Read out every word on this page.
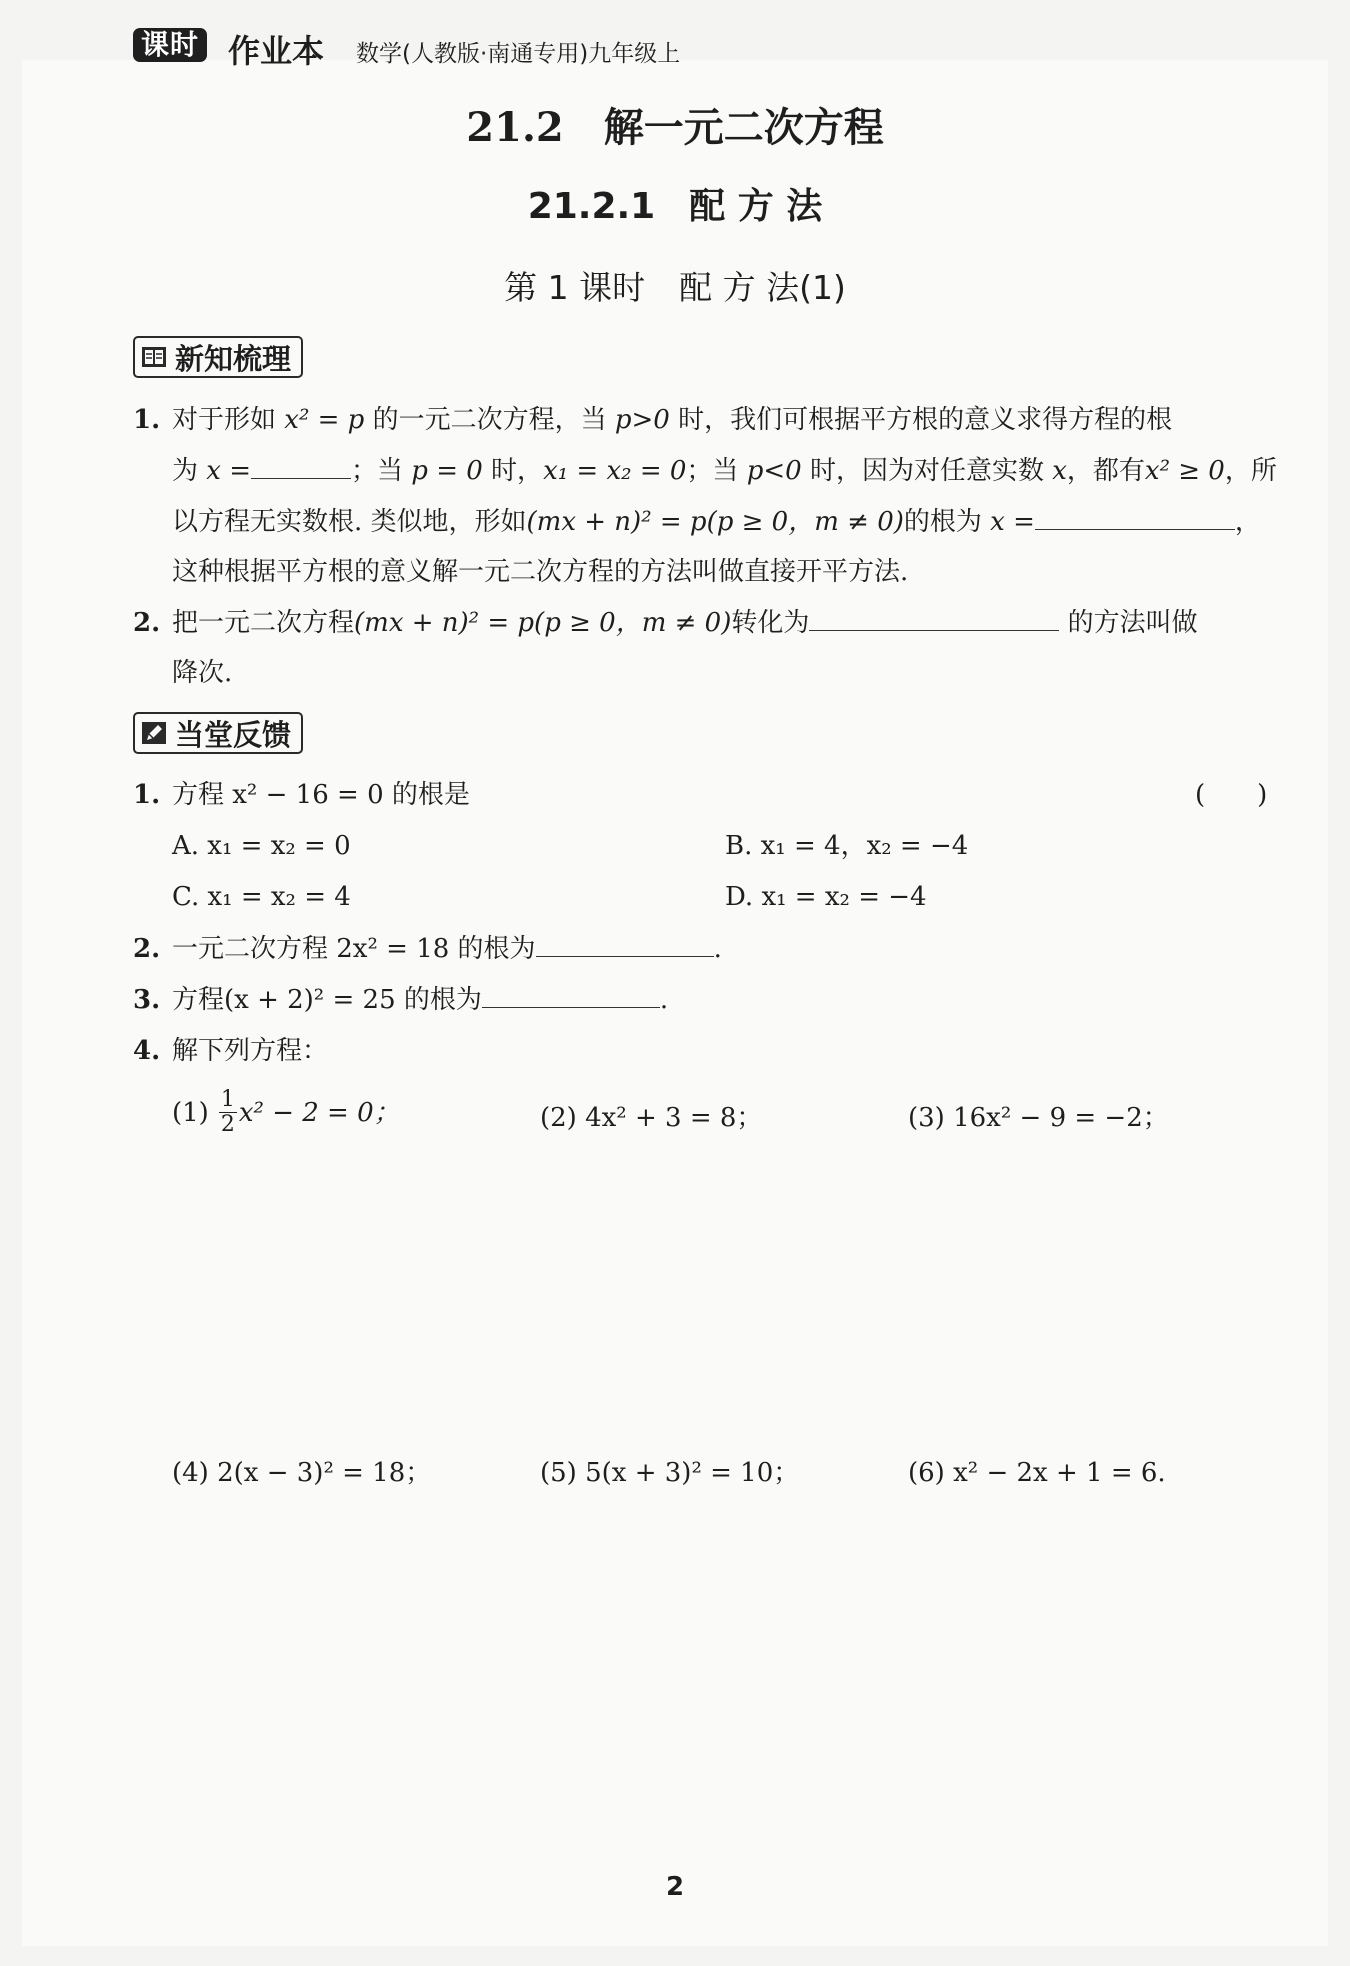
课时 作业本 数学(人教版·南通专用)九年级上
21.2　解一元二次方程
21.2.1 配 方 法
第 1 课时 配 方 法(1)
新知梳理
1. 对于形如 x² = p 的一元二次方程，当 p>0 时，我们可根据平方根的意义求得方程的根
为 x =	；当 p = 0 时，x₁ = x₂ = 0；当 p<0 时，因为对任意实数 x，都有x² ≥ 0，所
以方程无实数根. 类似地，形如(mx + n)² = p(p ≥ 0，m ≠ 0)的根为 x =	，
这种根据平方根的意义解一元二次方程的方法叫做直接开平方法.
2. 把一元二次方程(mx + n)² = p(p ≥ 0，m ≠ 0)转化为	的方法叫做
降次.
当堂反馈
1. 方程 x² − 16 = 0 的根是	(　　)
A. x₁ = x₂ = 0	B. x₁ = 4，x₂ = −4
C. x₁ = x₂ = 4	D. x₁ = x₂ = −4
2. 一元二次方程 2x² = 18 的根为	.
3. 方程(x + 2)² = 25 的根为	.
4. 解下列方程：
$(1) \frac{1}{2} x^2 - 2 = 0$；	(2) 4x² + 3 = 8；	(3) 16x² − 9 = −2；
(4) 2(x − 3)² = 18；	(5) 5(x + 3)² = 10；	(6) x² − 2x + 1 = 6.
2
